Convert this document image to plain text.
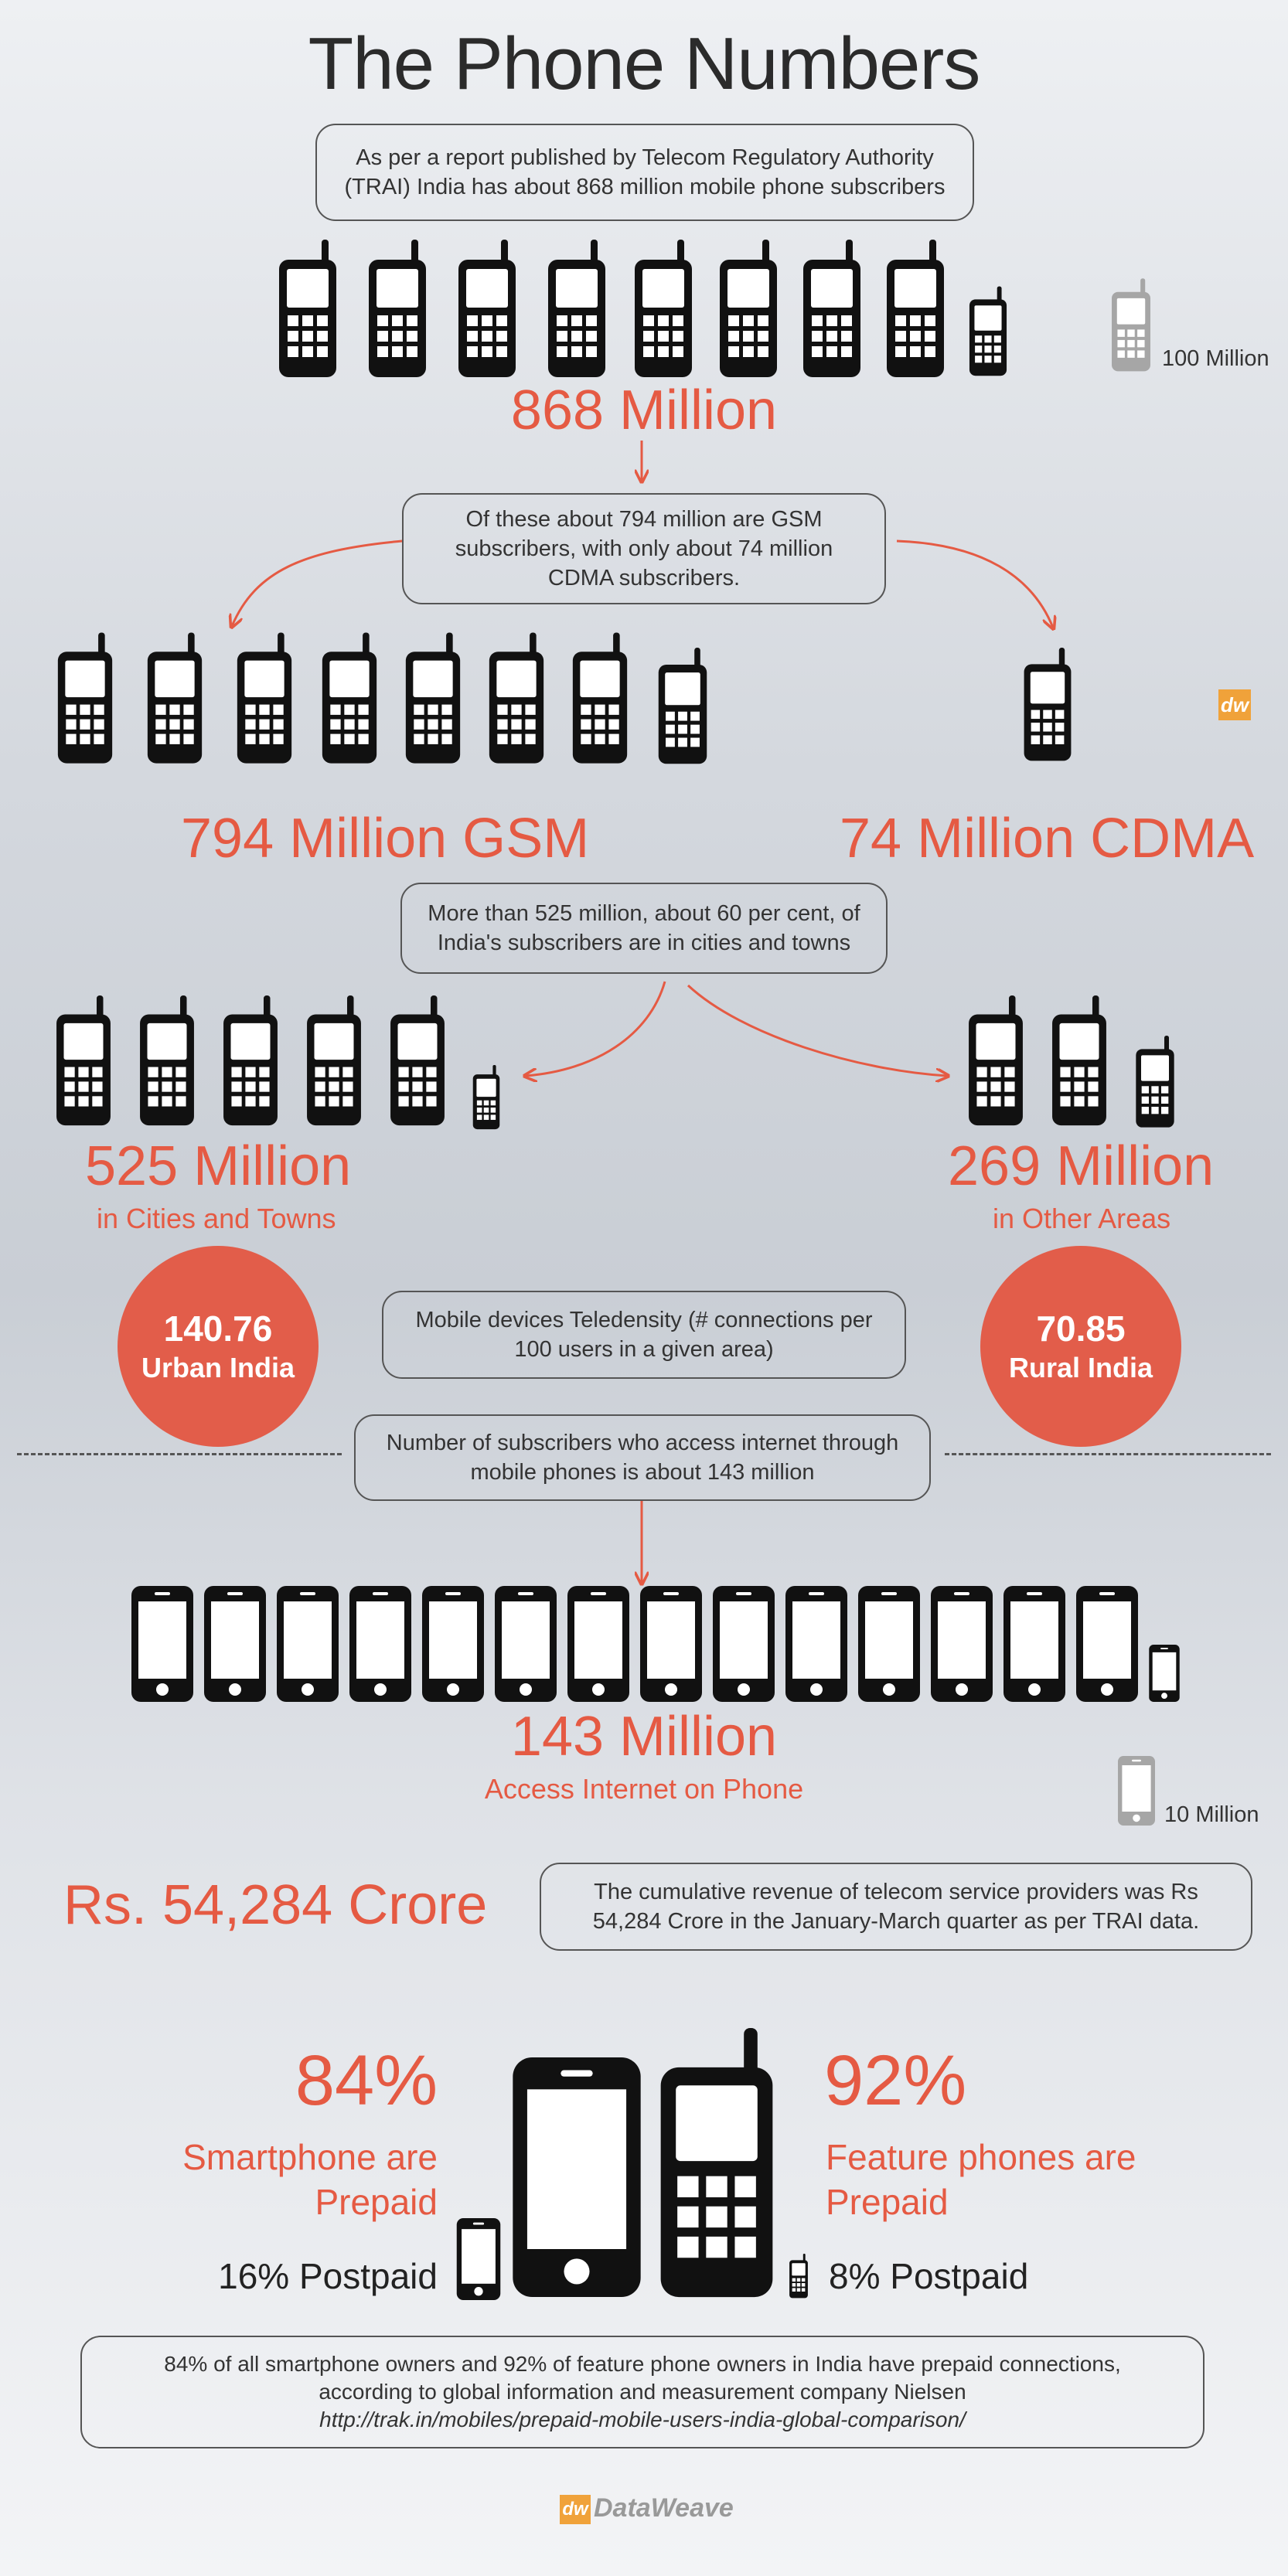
The Phone Numbers
As per a report published by Telecom Regulatory Authority (TRAI) India has about 868 million mobile phone subscribers
100 Million
868 Million
Of these about 794 million are GSM subscribers, with only about 74 million CDMA subscribers.
dw
794 Million GSM	74 Million CDMA
More than 525 million, about 60 per cent, of India's subscribers are in cities and towns
525 Million
in Cities and Towns
269 Million
in Other Areas
140.76
Urban India
70.85
Rural India
Mobile devices Teledensity (# connections per 100 users in a given area)
Number of subscribers who access internet through mobile phones is about 143 million
143 Million
Access Internet on Phone
10 Million
Rs. 54,284 Crore	The cumulative revenue of telecom service providers was Rs 54,284 Crore in the January-March quarter as per TRAI data.
84%
Smartphone are
Prepaid
16% Postpaid
92%
Feature phones are
Prepaid
8% Postpaid
84% of all smartphone owners and 92% of feature phone owners in India have prepaid connections,
according to global information and measurement company Nielsen
http://trak.in/mobiles/prepaid-mobile-users-india-global-comparison/
dw DataWeave
